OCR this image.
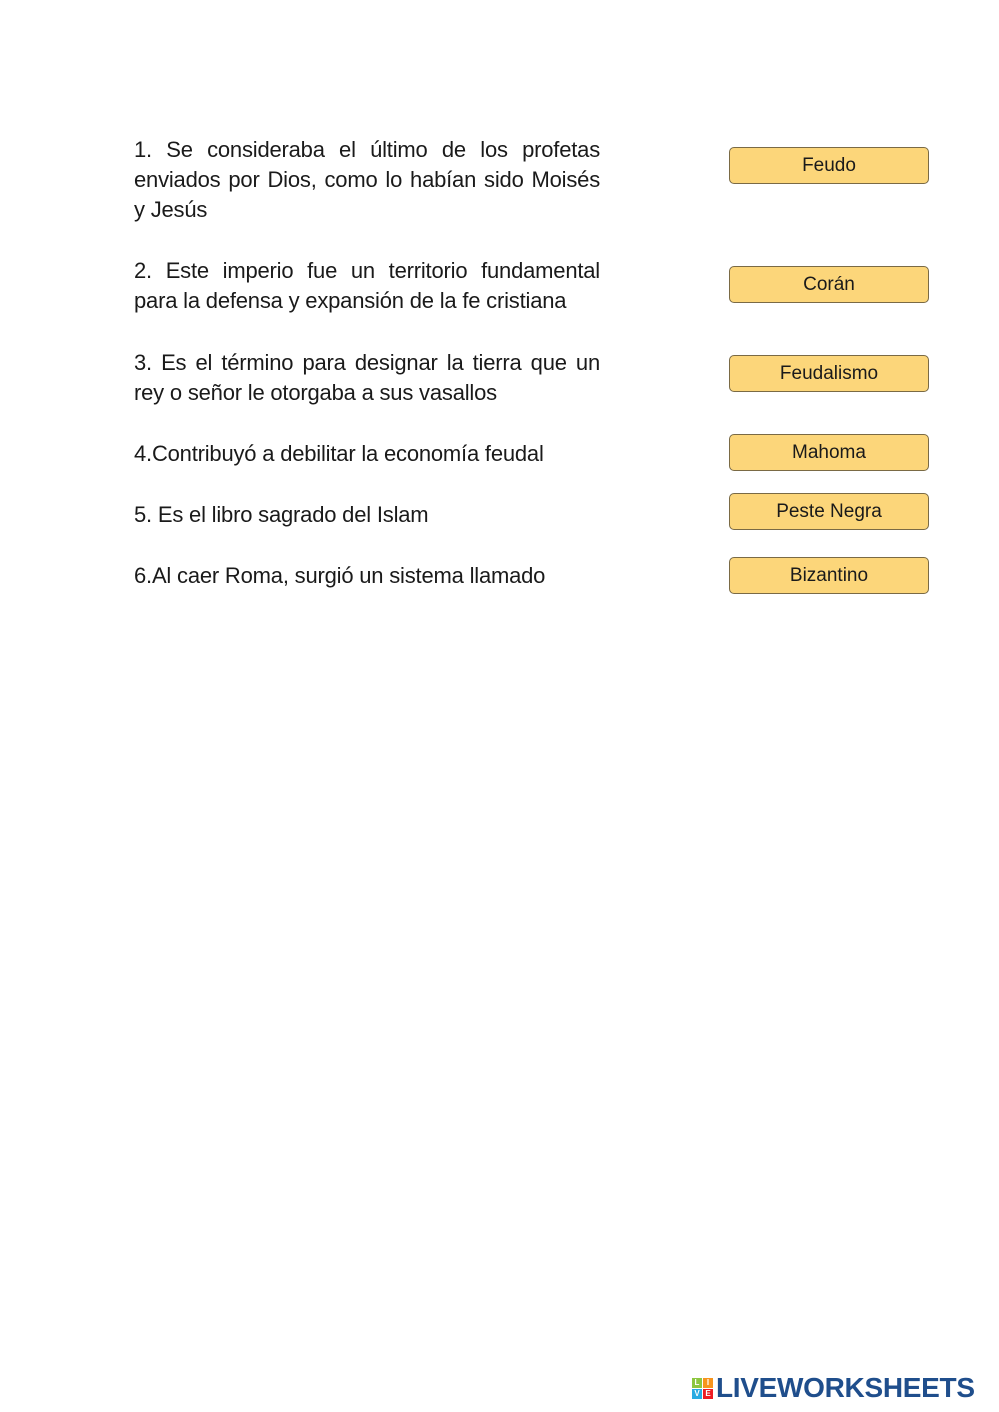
1. Se consideraba el último de los profetas enviados por Dios, como lo habían sido Moisés y Jesús
2. Este imperio fue un territorio fundamental para la defensa y expansión de la fe cristiana
3. Es el término para designar la tierra que un rey o señor le otorgaba a sus vasallos
4.Contribuyó a debilitar la economía feudal
5. Es el libro sagrado del Islam
6.Al caer Roma, surgió un sistema llamado
Feudo
Corán
Feudalismo
Mahoma
Peste Negra
Bizantino
L I
V E LIVEWORKSHEETS
